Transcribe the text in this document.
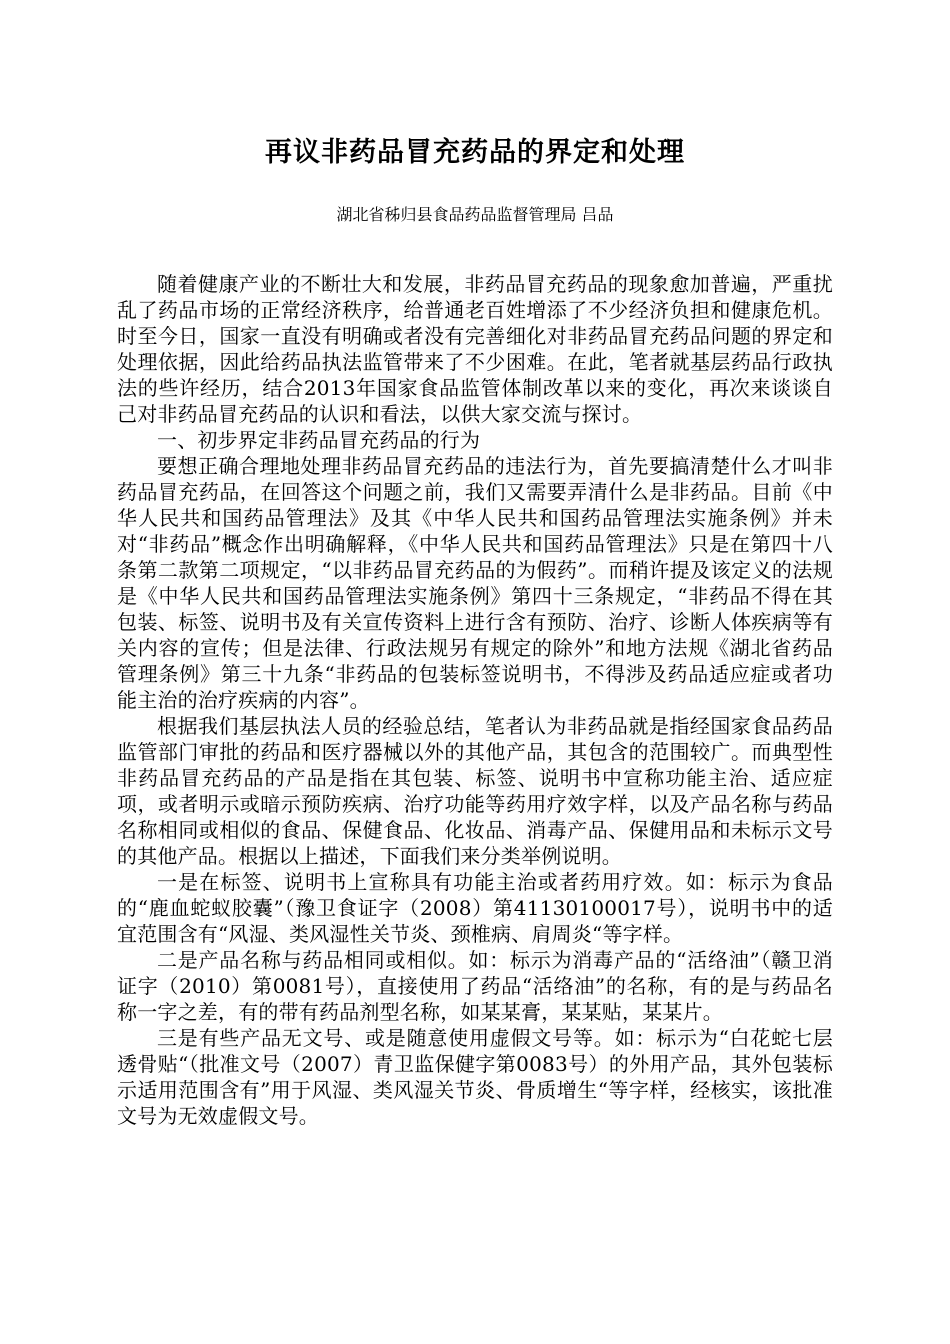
再议非药品冒充药品的界定和处理
湖北省秭归县食品药品监督管理局 吕品

随着健康产业的不断壮大和发展，非药品冒充药品的现象愈加普遍，严重扰乱了药品市场的正常经济秩序，给普通老百姓增添了不少经济负担和健康危机。时至今日，国家一直没有明确或者没有完善细化对非药品冒充药品问题的界定和处理依据，因此给药品执法监管带来了不少困难。在此，笔者就基层药品行政执法的些许经历，结合2013年国家食品监管体制改革以来的变化，再次来谈谈自己对非药品冒充药品的认识和看法，以供大家交流与探讨。

一、初步界定非药品冒充药品的行为

要想正确合理地处理非药品冒充药品的违法行为，首先要搞清楚什么才叫非药品冒充药品，在回答这个问题之前，我们又需要弄清什么是非药品。目前《中华人民共和国药品管理法》及其《中华人民共和国药品管理法实施条例》并未对“非药品”概念作出明确解释，《中华人民共和国药品管理法》只是在第四十八条第二款第二项规定，“以非药品冒充药品的为假药”。而稍许提及该定义的法规是《中华人民共和国药品管理法实施条例》第四十三条规定，“非药品不得在其包装、标签、说明书及有关宣传资料上进行含有预防、治疗、诊断人体疾病等有关内容的宣传；但是法律、行政法规另有规定的除外”和地方法规《湖北省药品管理条例》第三十九条“非药品的包装标签说明书，不得涉及药品适应症或者功能主治的治疗疾病的内容”。

根据我们基层执法人员的经验总结，笔者认为非药品就是指经国家食品药品监管部门审批的药品和医疗器械以外的其他产品，其包含的范围较广。而典型性非药品冒充药品的产品是指在其包装、标签、说明书中宣称功能主治、适应症项，或者明示或暗示预防疾病、治疗功能等药用疗效字样，以及产品名称与药品名称相同或相似的食品、保健食品、化妆品、消毒产品、保健用品和未标示文号的其他产品。根据以上描述，下面我们来分类举例说明。

一是在标签、说明书上宣称具有功能主治或者药用疗效。如：标示为食品的“鹿血蛇蚁胶囊”（豫卫食证字（2008）第41130100017号），说明书中的适宜范围含有“风湿、类风湿性关节炎、颈椎病、肩周炎“等字样。

二是产品名称与药品相同或相似。如：标示为消毒产品的“活络油”（赣卫消证字（2010）第0081号），直接使用了药品“活络油”的名称，有的是与药品名称一字之差，有的带有药品剂型名称，如某某膏，某某贴，某某片。

三是有些产品无文号、或是随意使用虚假文号等。如：标示为“白花蛇七层透骨贴“（批准文号（2007）青卫监保健字第0083号）的外用产品，其外包装标示适用范围含有”用于风湿、类风湿关节炎、骨质增生“等字样，经核实，该批准文号为无效虚假文号。
